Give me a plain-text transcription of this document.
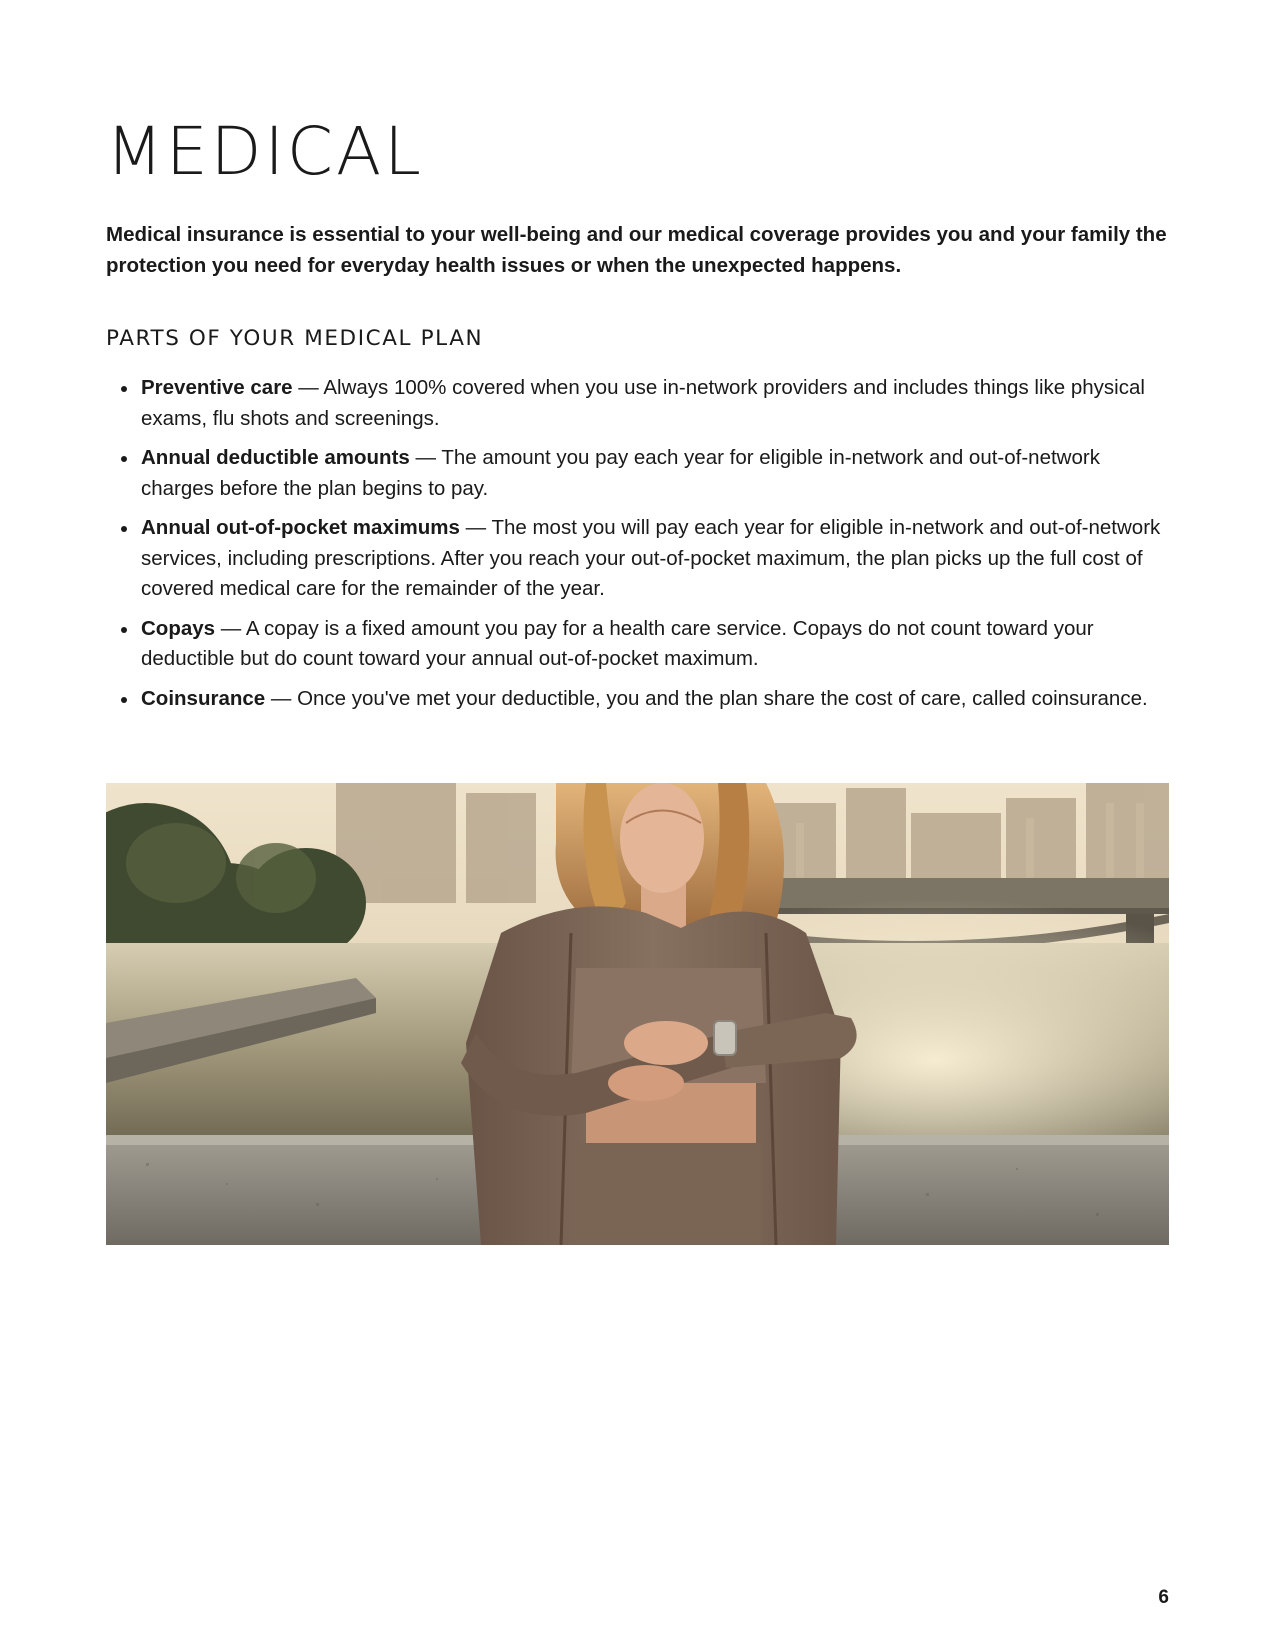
MEDICAL

Medical insurance is essential to your well-being and our medical coverage provides you and your family the protection you need for everyday health issues or when the unexpected happens.

PARTS OF YOUR MEDICAL PLAN
Preventive care — Always 100% covered when you use in-network providers and includes things like physical exams, flu shots and screenings.
Annual deductible amounts — The amount you pay each year for eligible in-network and out-of-network charges before the plan begins to pay.
Annual out-of-pocket maximums — The most you will pay each year for eligible in-network and out-of-network services, including prescriptions. After you reach your out-of-pocket maximum, the plan picks up the full cost of covered medical care for the remainder of the year.
Copays — A copay is a fixed amount you pay for a health care service. Copays do not count toward your deductible but do count toward your annual out-of-pocket maximum.
Coinsurance — Once you've met your deductible, you and the plan share the cost of care, called coinsurance.
6
